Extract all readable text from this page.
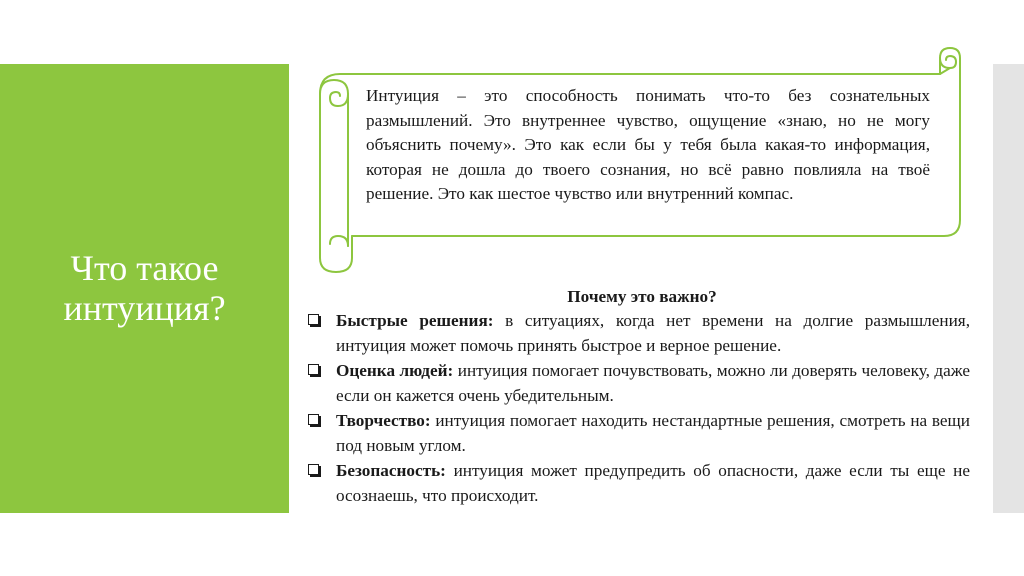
Что такое
интуиция?

Интуиция – это способность понимать что-то без сознательных размышлений. Это внутреннее чувство, ощущение «знаю, но не могу объяснить почему». Это как если бы у тебя была какая-то информация, которая не дошла до твоего сознания, но всё равно повлияла на твоё решение. Это как шестое чувство или внутренний компас.

Почему это важно?

Быстрые решения: в ситуациях, когда нет времени на долгие размышления, интуиция может помочь принять быстрое и верное решение.
Оценка людей: интуиция помогает почувствовать, можно ли доверять человеку, даже если он кажется очень убедительным.
Творчество: интуиция помогает находить нестандартные решения, смотреть на вещи под новым углом.
Безопасность: интуиция может предупредить об опасности, даже если ты еще не осознаешь, что происходит.
